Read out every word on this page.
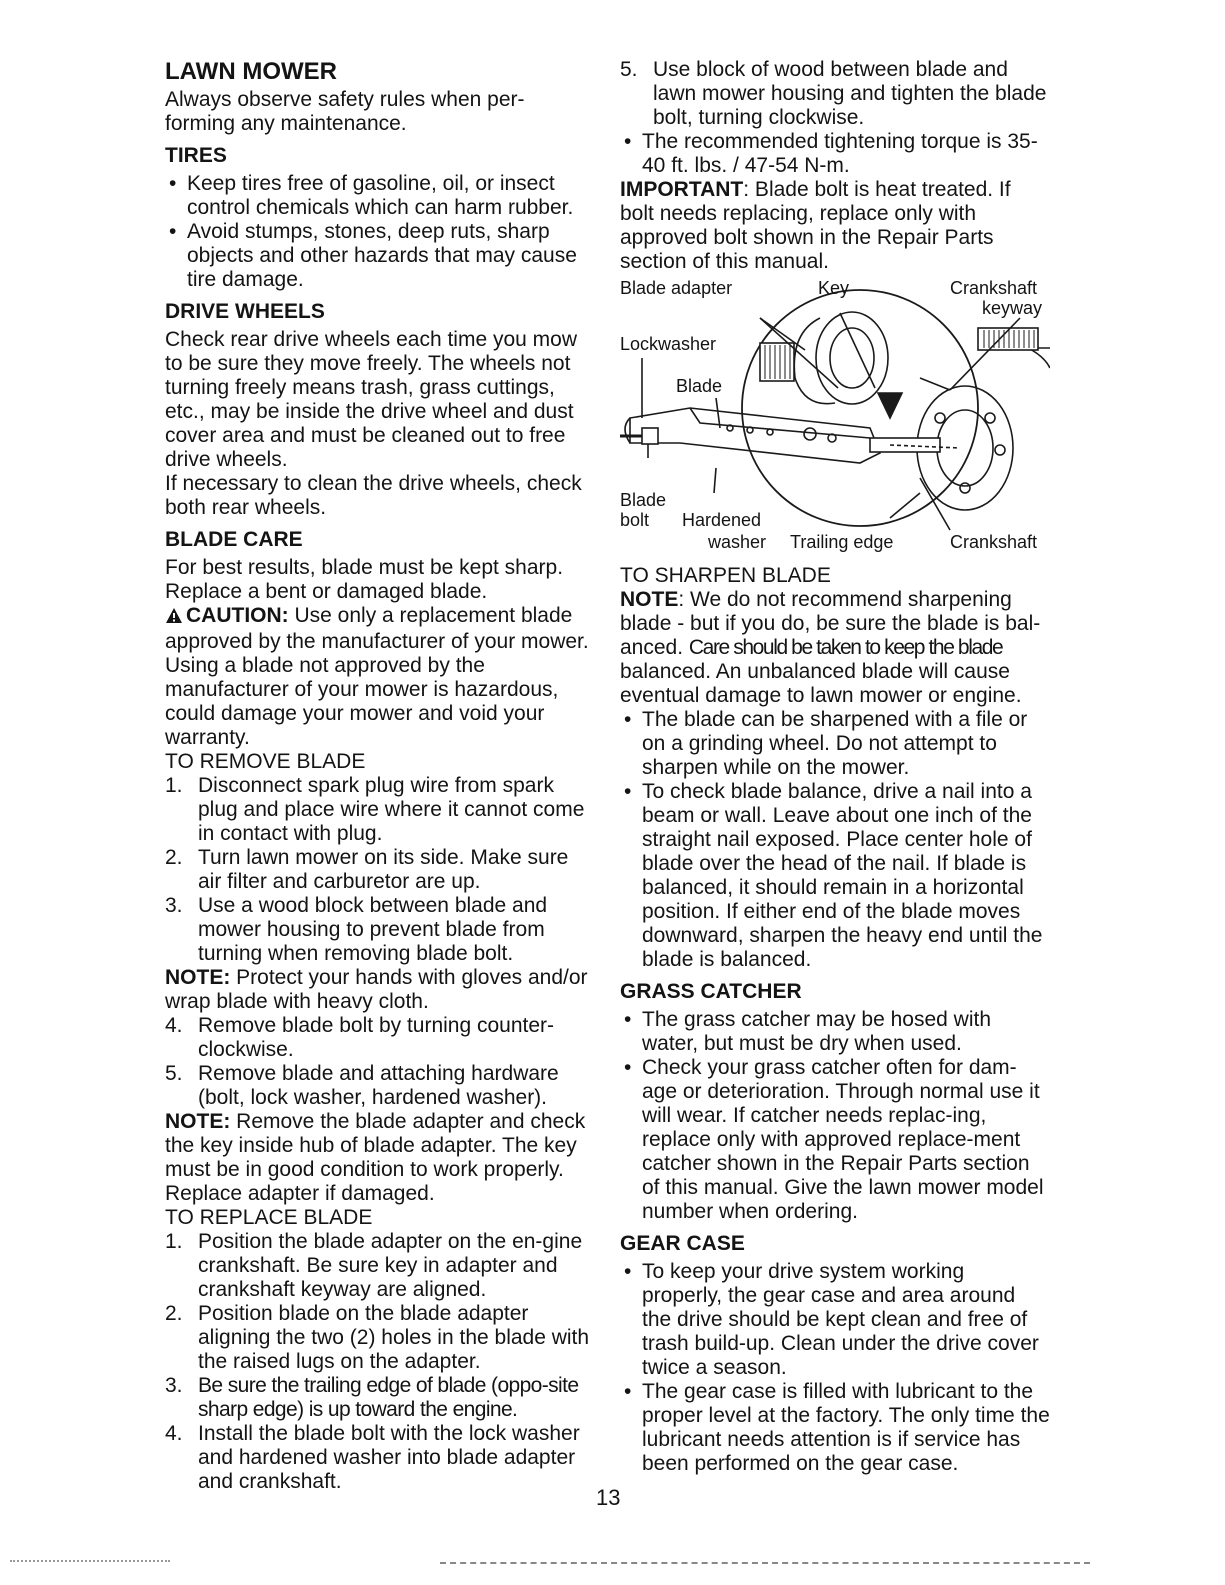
LAWN MOWER

Always observe safety rules when per-forming any maintenance.

TIRES
• Keep tires free of gasoline, oil, or insect control chemicals which can harm rubber.
• Avoid stumps, stones, deep ruts, sharp objects and other hazards that may cause tire damage.
DRIVE WHEELS

Check rear drive wheels each time you mow to be sure they move freely. The wheels not turning freely means trash, grass cuttings, etc., may be inside the drive wheel and dust cover area and must be cleaned out to free drive wheels.

If necessary to clean the drive wheels, check both rear wheels.

BLADE CARE

For best results, blade must be kept sharp. Replace a bent or damaged blade.

CAUTION: Use only a replacement blade approved by the manufacturer of your mower. Using a blade not approved by the manufacturer of your mower is hazardous, could damage your mower and void your warranty.

TO REMOVE BLADE

1. Disconnect spark plug wire from spark plug and place wire where it cannot come in contact with plug.
2. Turn lawn mower on its side. Make sure air filter and carburetor are up.
3. Use a wood block between blade and mower housing to prevent blade from turning when removing blade bolt.

NOTE: Protect your hands with gloves and/or wrap blade with heavy cloth.

4. Remove blade bolt by turning counter-clockwise.
5. Remove blade and attaching hardware (bolt, lock washer, hardened washer).

NOTE: Remove the blade adapter and check the key inside hub of blade adapter. The key must be in good condition to work properly. Replace adapter if damaged.

TO REPLACE BLADE

1. Position the blade adapter on the en-gine crankshaft. Be sure key in adapter and crankshaft keyway are aligned.
2. Position blade on the blade adapter aligning the two (2) holes in the blade with the raised lugs on the adapter.
3. Be sure the trailing edge of blade (oppo-site sharp edge) is up toward the engine.
4. Install the blade bolt with the lock washer and hardened washer into blade adapter and crankshaft.
5. Use block of wood between blade and lawn mower housing and tighten the blade bolt, turning clockwise.
• The recommended tightening torque is 35-40 ft. lbs. / 47-54 N-m.

IMPORTANT: Blade bolt is heat treated. If bolt needs replacing, replace only with approved bolt shown in the Repair Parts section of this manual.

Blade adapter	Key	Crankshaft
keyway
Lockwasher
Blade
Blade
bolt Hardened
washer Trailing edge	Crankshaft

TO SHARPEN BLADE

NOTE: We do not recommend sharpening blade - but if you do, be sure the blade is bal-anced. Care should be taken to keep the blade balanced. An unbalanced blade will cause eventual damage to lawn mower or engine.

• The blade can be sharpened with a file or on a grinding wheel. Do not attempt to sharpen while on the mower.
• To check blade balance, drive a nail into a beam or wall. Leave about one inch of the straight nail exposed. Place center hole of blade over the head of the nail. If blade is balanced, it should remain in a horizontal position. If either end of the blade moves downward, sharpen the heavy end until the blade is balanced.
GRASS CATCHER
• The grass catcher may be hosed with water, but must be dry when used.
• Check your grass catcher often for dam-age or deterioration. Through normal use it will wear. If catcher needs replac-ing, replace only with approved replace-ment catcher shown in the Repair Parts section of this manual. Give the lawn mower model number when ordering.
GEAR CASE
• To keep your drive system working properly, the gear case and area around the drive should be kept clean and free of trash build-up. Clean under the drive cover twice a season.
• The gear case is filled with lubricant to the proper level at the factory. The only time the lubricant needs attention is if service has been performed on the gear case.
13
